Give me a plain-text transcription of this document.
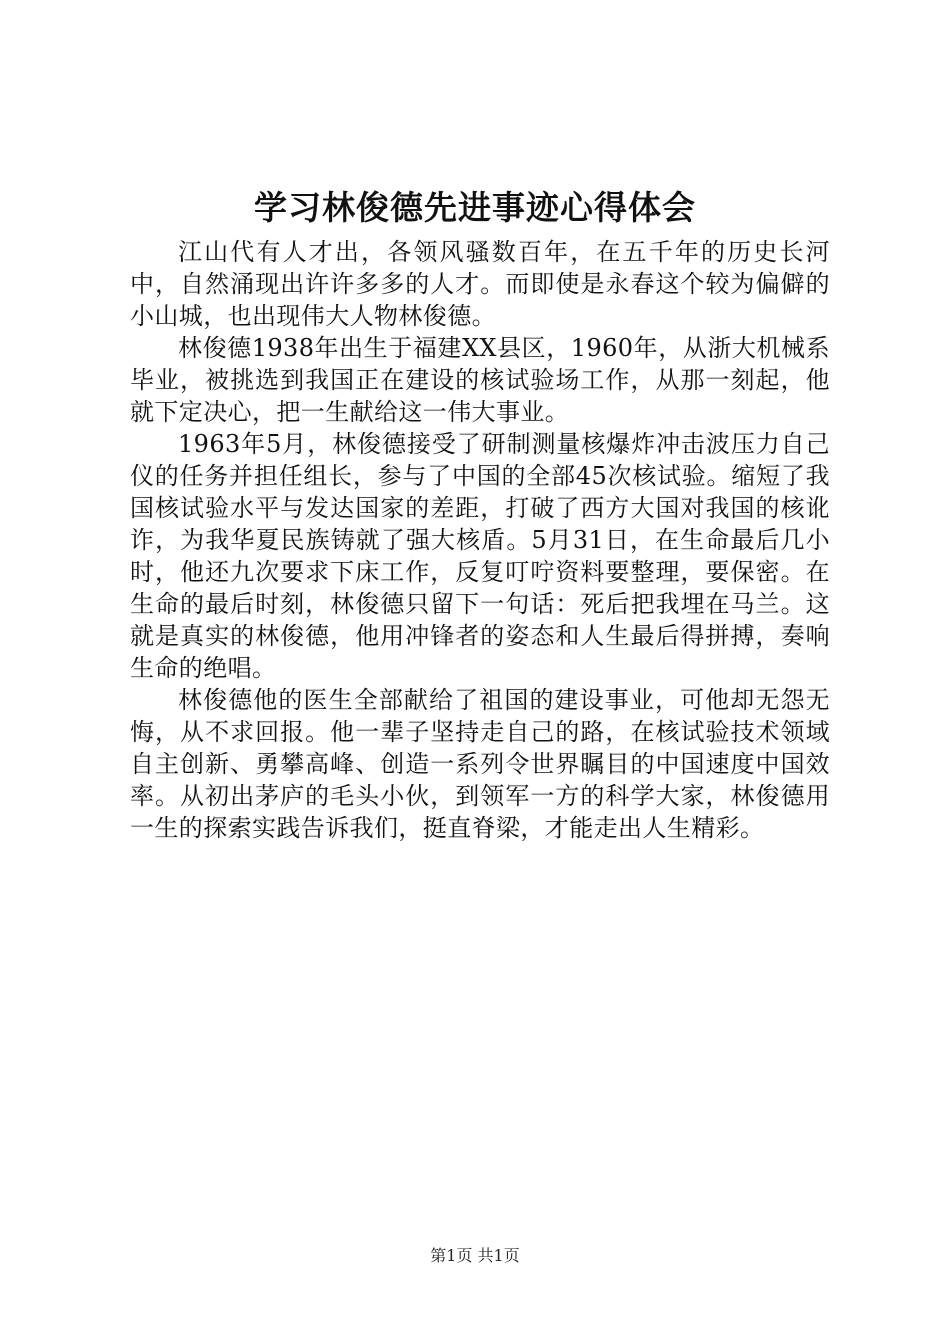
学习林俊德先进事迹心得体会

江山代有人才出，各领风骚数百年，在五千年的历史长河中，自然涌现出许许多多的人才。而即使是永春这个较为偏僻的小山城，也出现伟大人物林俊德。

林俊德1938年出生于福建XX县区，1960年，从浙大机械系毕业，被挑选到我国正在建设的核试验场工作，从那一刻起，他就下定决心，把一生献给这一伟大事业。

1963年5月，林俊德接受了研制测量核爆炸冲击波压力自己仪的任务并担任组长，参与了中国的全部45次核试验。缩短了我国核试验水平与发达国家的差距，打破了西方大国对我国的核讹诈，为我华夏民族铸就了强大核盾。5月31日，在生命最后几小时，他还九次要求下床工作，反复叮咛资料要整理，要保密。在生命的最后时刻，林俊德只留下一句话：死后把我埋在马兰。这就是真实的林俊德，他用冲锋者的姿态和人生最后得拼搏，奏响生命的绝唱。

林俊德他的医生全部献给了祖国的建设事业，可他却无怨无悔，从不求回报。他一辈子坚持走自己的路，在核试验技术领域自主创新、勇攀高峰、创造一系列令世界瞩目的中国速度中国效率。从初出茅庐的毛头小伙，到领军一方的科学大家，林俊德用一生的探索实践告诉我们，挺直脊梁，才能走出人生精彩。

第1页 共1页
